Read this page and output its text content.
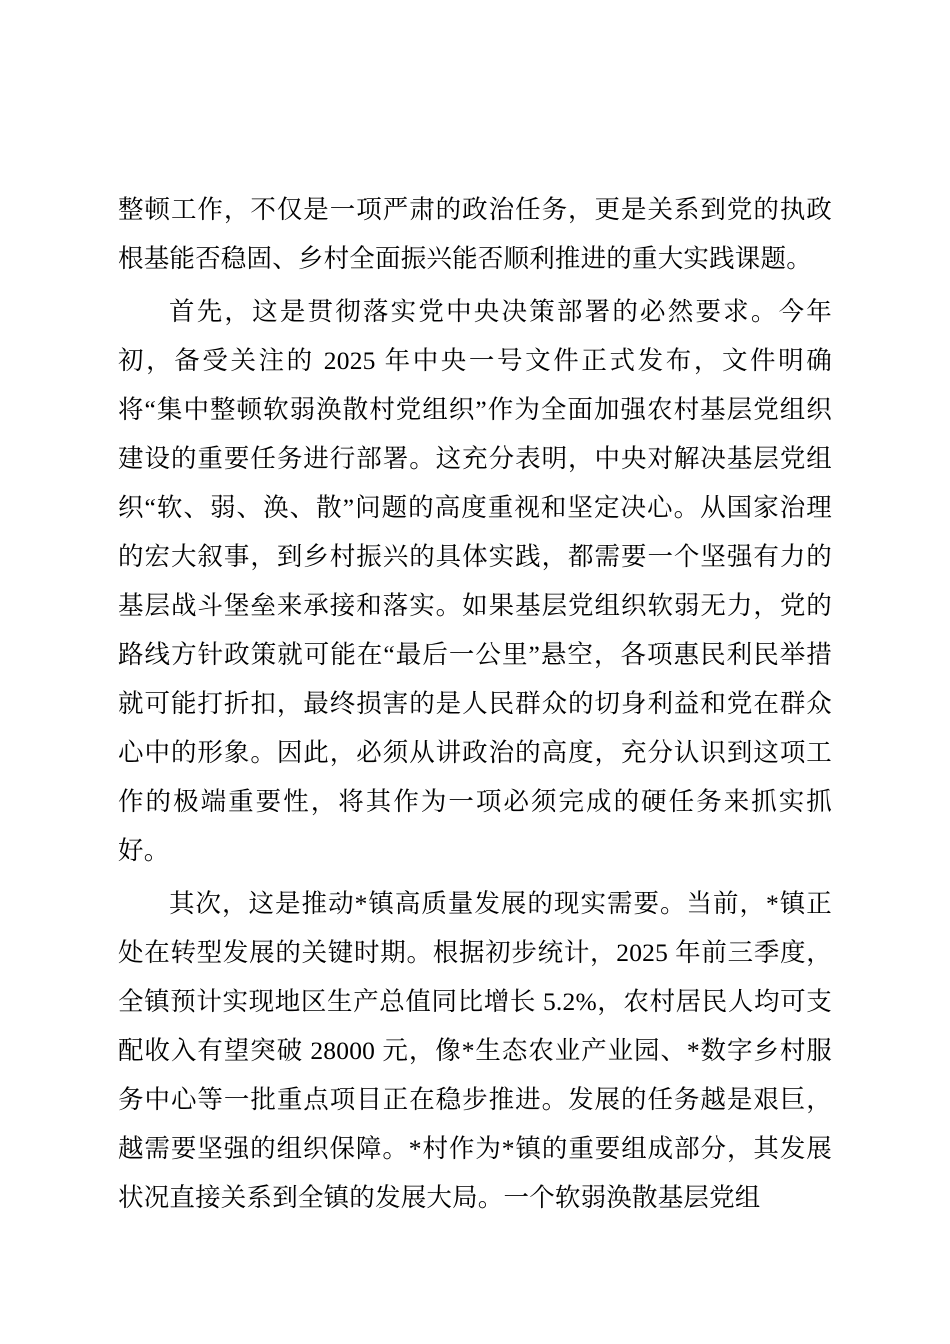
整顿工作，不仅是一项严肃的政治任务，更是关系到党的执政根基能否稳固、乡村全面振兴能否顺利推进的重大实践课题。

首先，这是贯彻落实党中央决策部署的必然要求。今年初，备受关注的 2025 年中央一号文件正式发布，文件明确将“集中整顿软弱涣散村党组织”作为全面加强农村基层党组织建设的重要任务进行部署。这充分表明，中央对解决基层党组织“软、弱、涣、散”问题的高度重视和坚定决心。从国家治理的宏大叙事，到乡村振兴的具体实践，都需要一个坚强有力的基层战斗堡垒来承接和落实。如果基层党组织软弱无力，党的路线方针政策就可能在“最后一公里”悬空，各项惠民利民举措就可能打折扣，最终损害的是人民群众的切身利益和党在群众心中的形象。因此，必须从讲政治的高度，充分认识到这项工作的极端重要性，将其作为一项必须完成的硬任务来抓实抓好。

其次，这是推动*镇高质量发展的现实需要。当前，*镇正处在转型发展的关键时期。根据初步统计，2025 年前三季度，全镇预计实现地区生产总值同比增长 5.2%，农村居民人均可支配收入有望突破 28000 元，像*生态农业产业园、*数字乡村服务中心等一批重点项目正在稳步推进。发展的任务越是艰巨，越需要坚强的组织保障。*村作为*镇的重要组成部分，其发展状况直接关系到全镇的发展大局。一个软弱涣散基层党组
